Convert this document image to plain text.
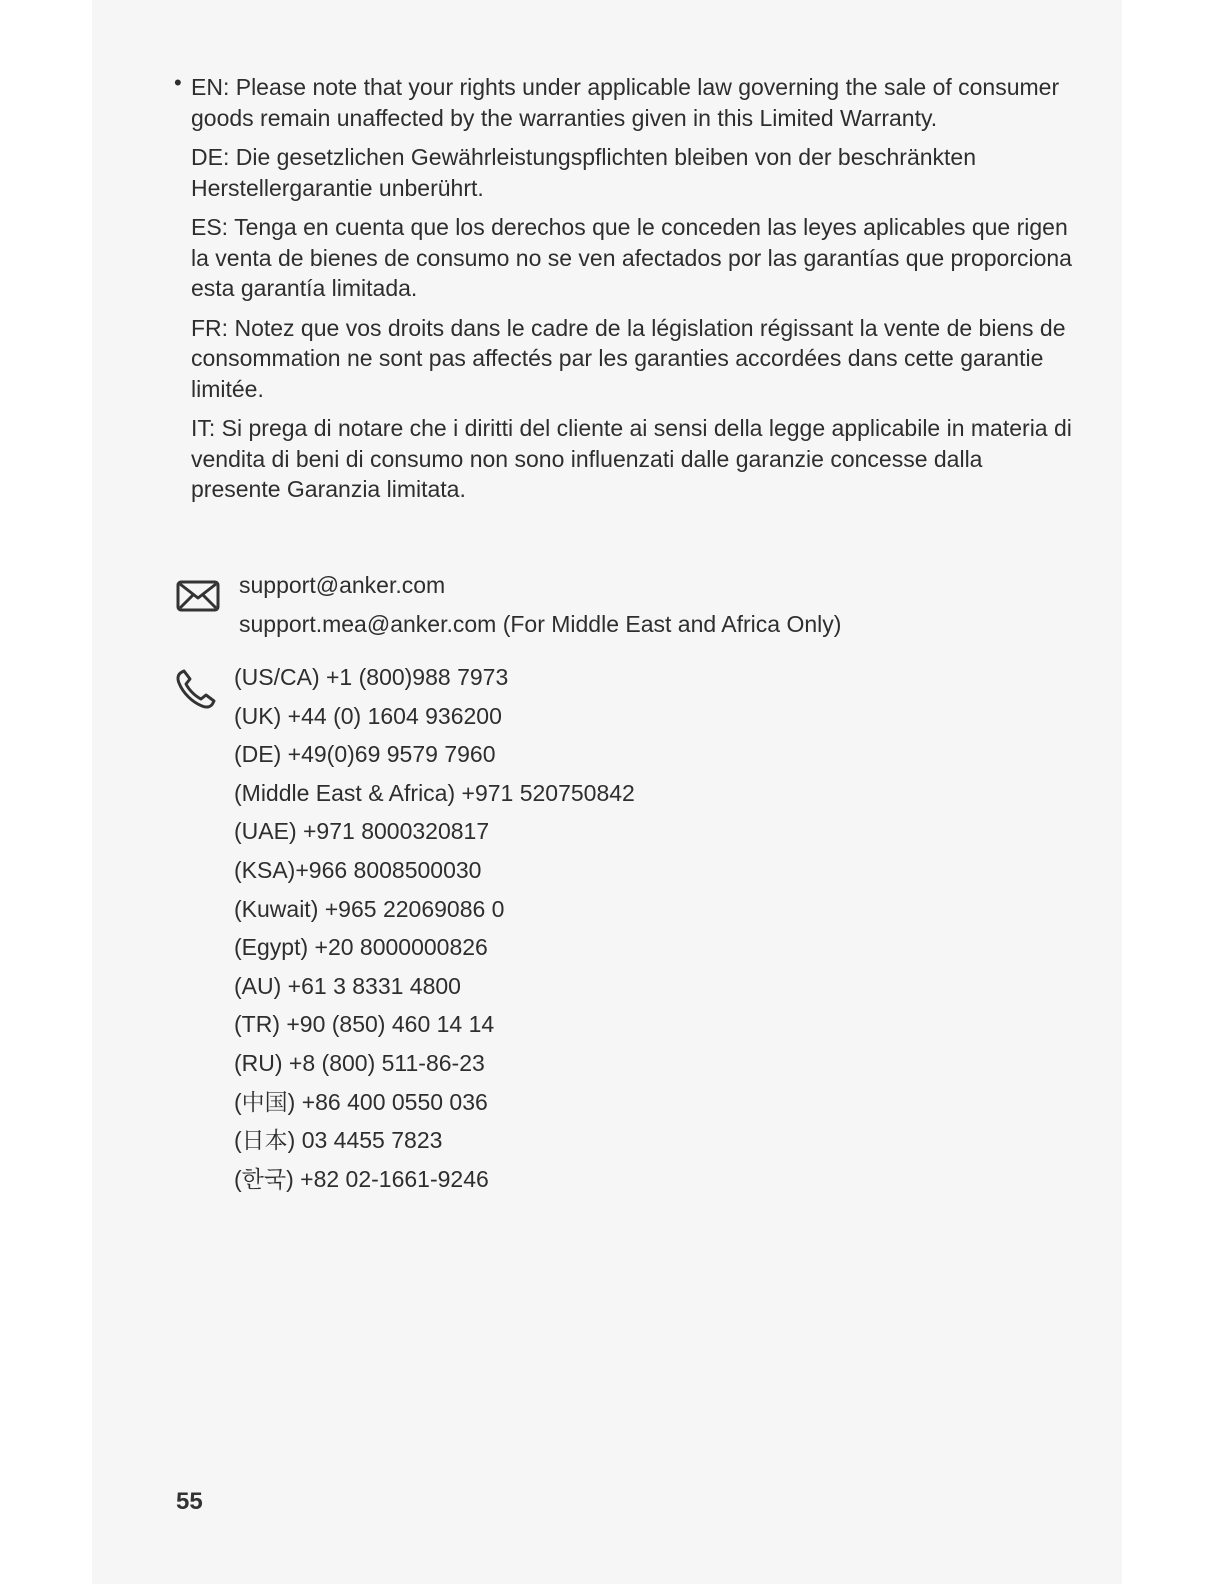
• EN: Please note that your rights under applicable law governing the sale of consumer goods remain unaffected by the warranties given in this Limited Warranty.
DE: Die gesetzlichen Gewährleistungspflichten bleiben von der beschränkten Herstellergarantie unberührt.
ES: Tenga en cuenta que los derechos que le conceden las leyes aplicables que rigen la venta de bienes de consumo no se ven afectados por las garantías que proporciona esta garantía limitada.
FR: Notez que vos droits dans le cadre de la législation régissant la vente de biens de consommation ne sont pas affectés par les garanties accordées dans cette garantie limitée.
IT: Si prega di notare che i diritti del cliente ai sensi della legge applicabile in materia di vendita di beni di consumo non sono influenzati dalle garanzie concesse dalla presente Garanzia limitata.
support@anker.com
support.mea@anker.com (For Middle East and Africa Only)
(US/CA) +1 (800)988 7973
(UK) +44 (0) 1604 936200
(DE) +49(0)69 9579 7960
(Middle East & Africa) +971 520750842
(UAE) +971 8000320817
(KSA)+966 8008500030
(Kuwait) +965 22069086 0
(Egypt) +20 8000000826
(AU) +61 3 8331 4800
(TR) +90 (850) 460 14 14
(RU) +8 (800) 511-86-23
(中国) +86 400 0550 036
(日本) 03 4455 7823
(한국) +82 02-1661-9246
55
